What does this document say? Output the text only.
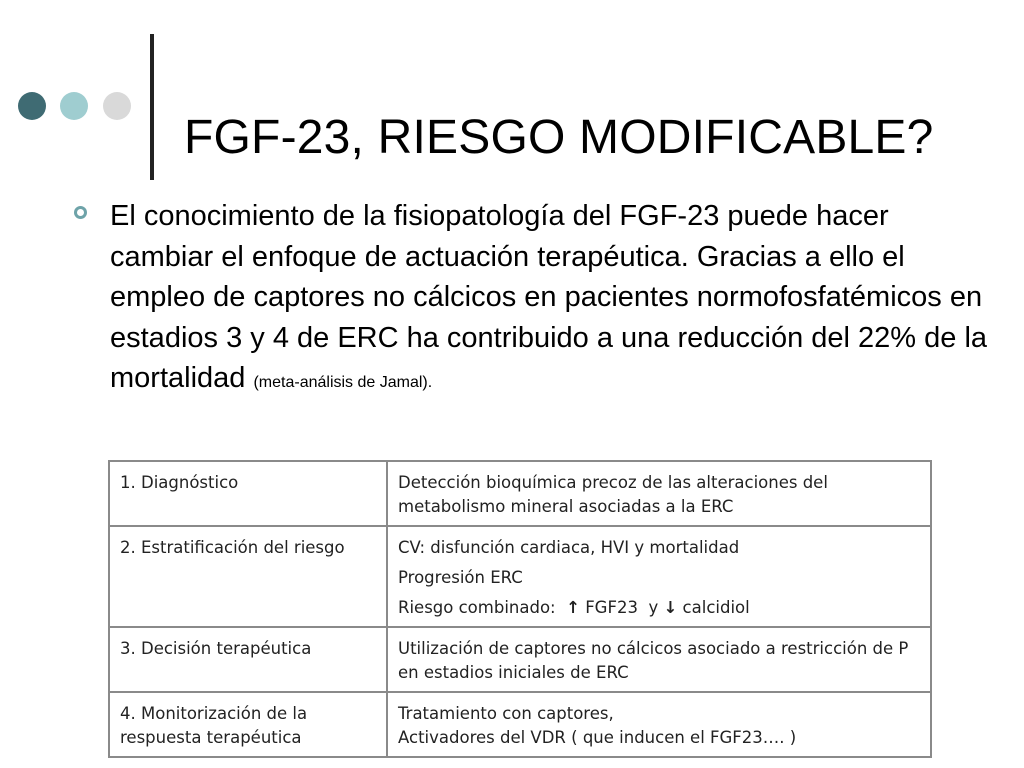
FGF-23, RIESGO MODIFICABLE?
El conocimiento de la fisiopatología del FGF-23 puede hacer cambiar el enfoque de actuación terapéutica. Gracias a ello el empleo de captores no cálcicos en pacientes normofosfatémicos en estadios 3 y 4 de ERC ha contribuido a una reducción del 22% de la mortalidad (meta-análisis de Jamal).
1. Diagnóstico	Detección bioquímica precoz de las alteraciones del
metabolismo mineral asociadas a la ERC

2. Estratificación del riesgo	CV: disfunción cardiaca, HVI y mortalidad
Progresión ERC
Riesgo combinado: ↑ FGF23 y ↓ calcidiol

3. Decisión terapéutica	Utilización de captores no cálcicos asociado a restricción de P
en estadios iniciales de ERC

4. Monitorización de la
respuesta terapéutica	Tratamiento con captores,
Activadores del VDR ( que inducen el FGF23…. )
